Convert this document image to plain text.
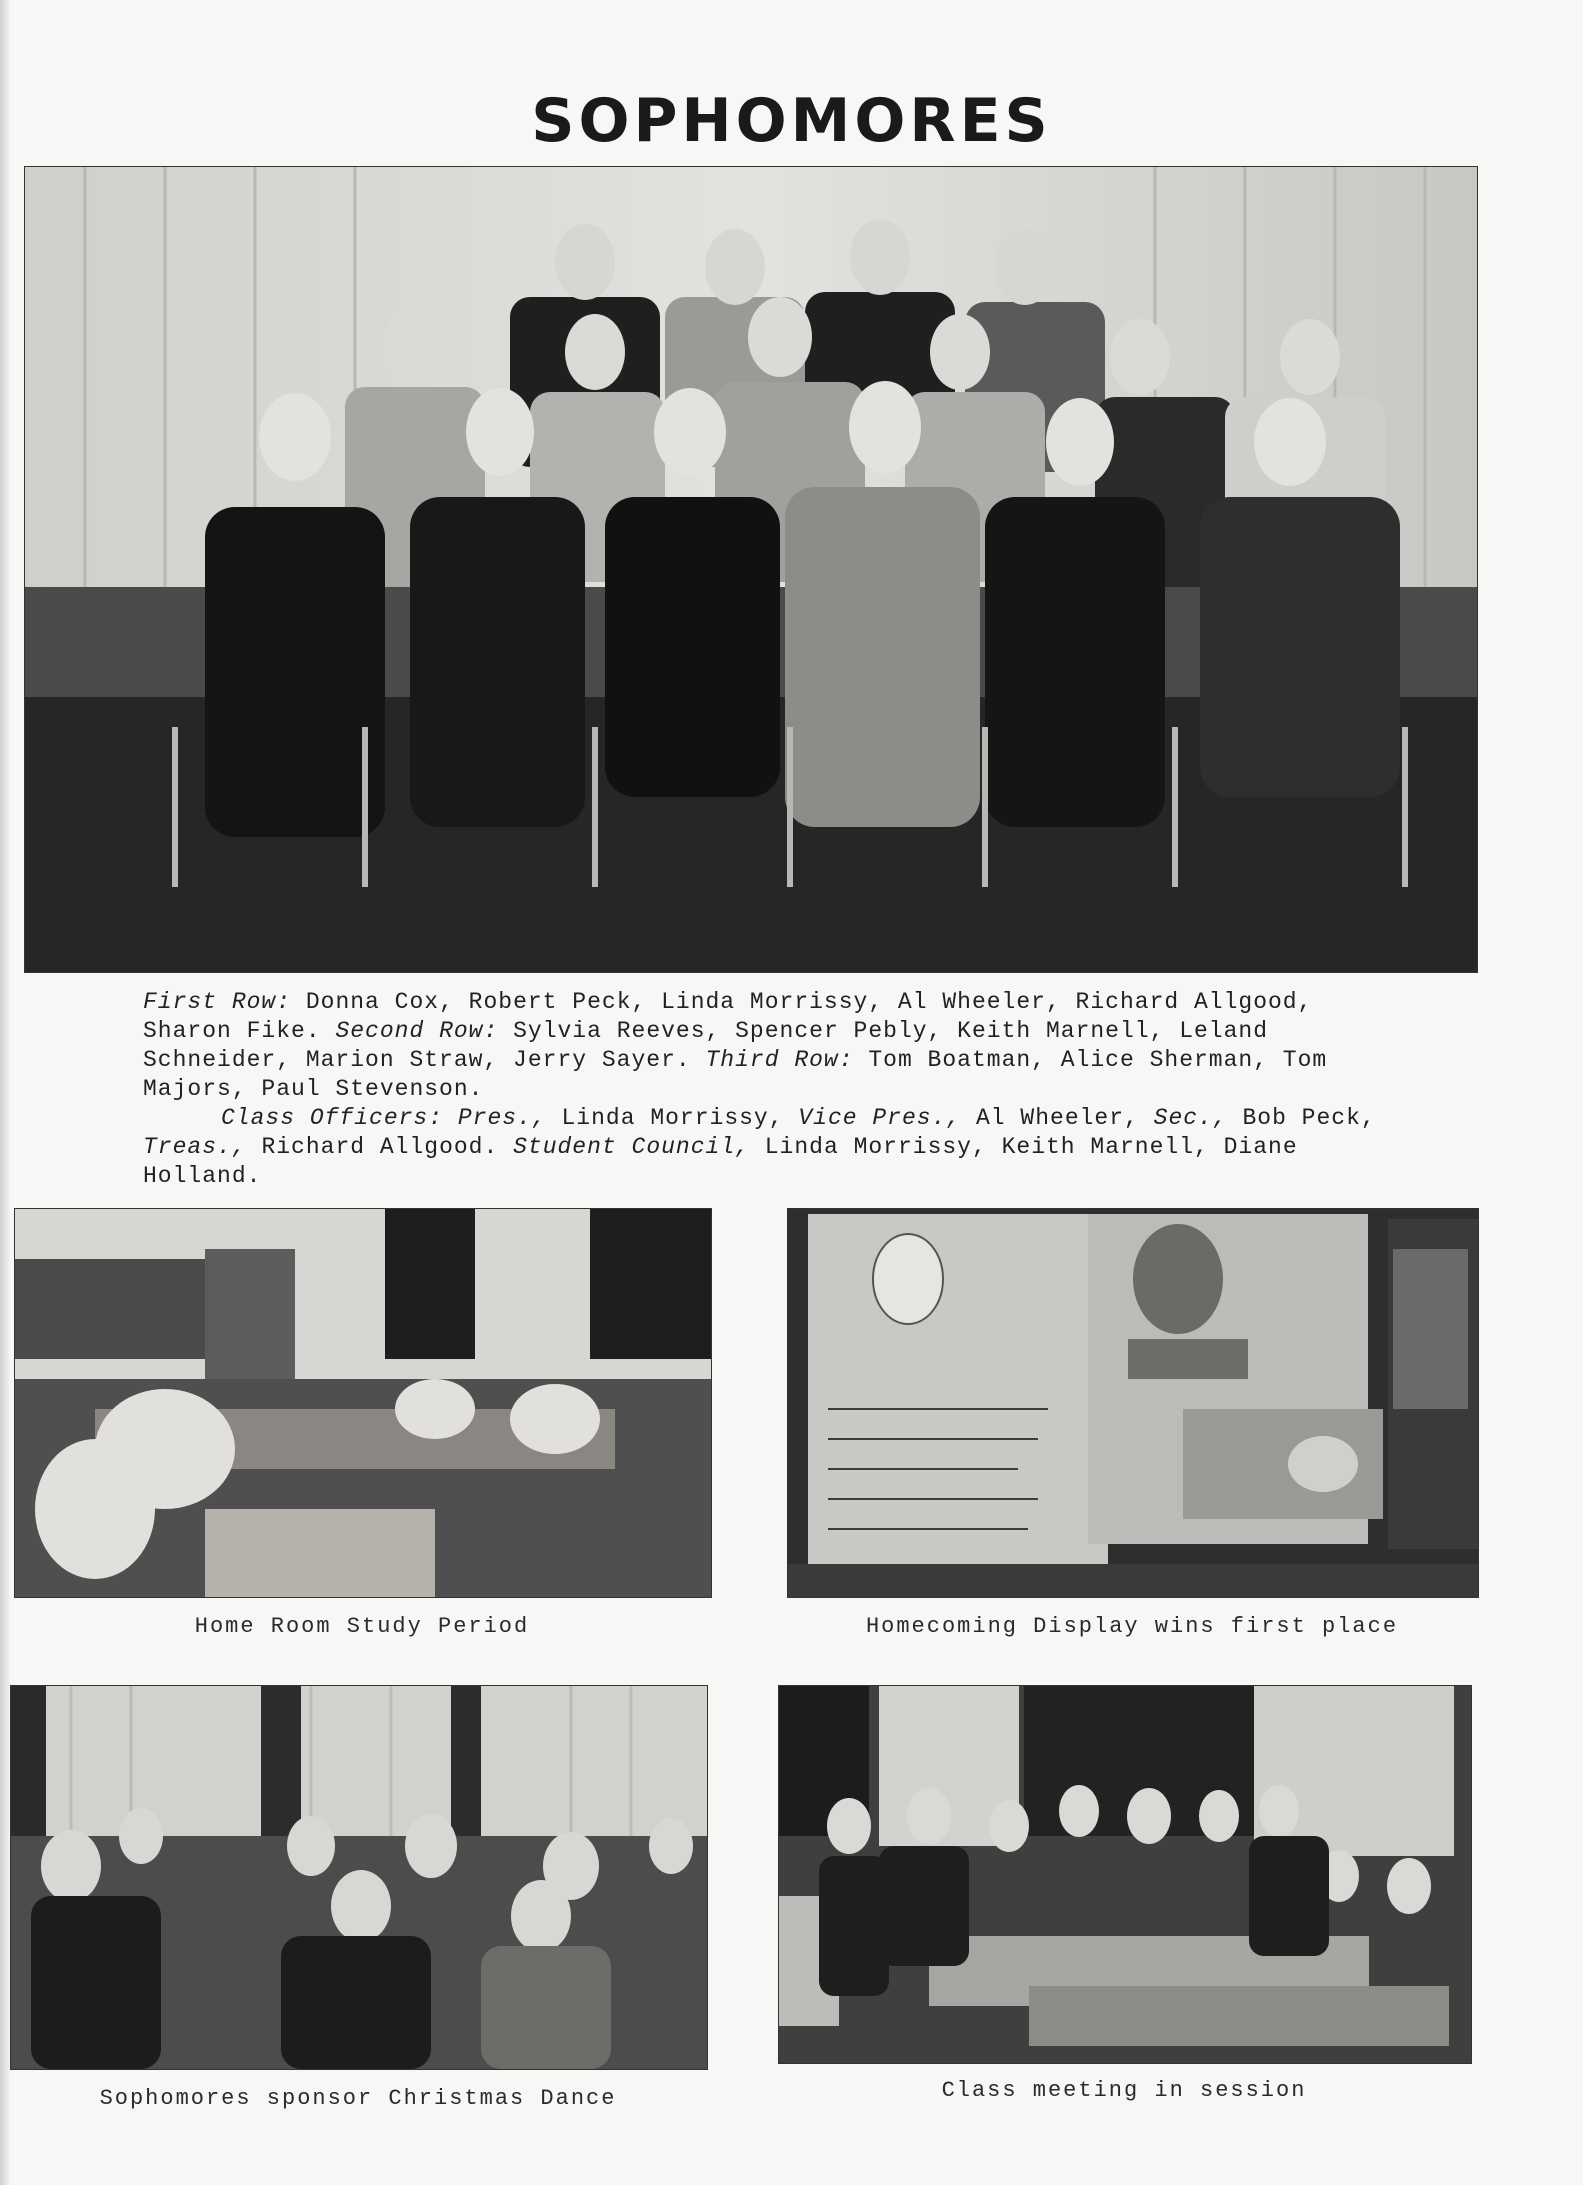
SOPHOMORES

First Row: Donna Cox, Robert Peck, Linda Morrissy, Al Wheeler, Richard Allgood, Sharon Fike. Second Row: Sylvia Reeves, Spencer Pebly, Keith Marnell, Leland Schneider, Marion Straw, Jerry Sayer. Third Row: Tom Boatman, Alice Sherman, Tom Majors, Paul Stevenson.

Class Officers: Pres., Linda Morrissy, Vice Pres., Al Wheeler, Sec., Bob Peck, Treas., Richard Allgood. Student Council, Linda Morrissy, Keith Marnell, Diane Holland.

Home Room Study Period	Homecoming Display wins first place
Sophomores sponsor Christmas Dance	Class meeting in session
